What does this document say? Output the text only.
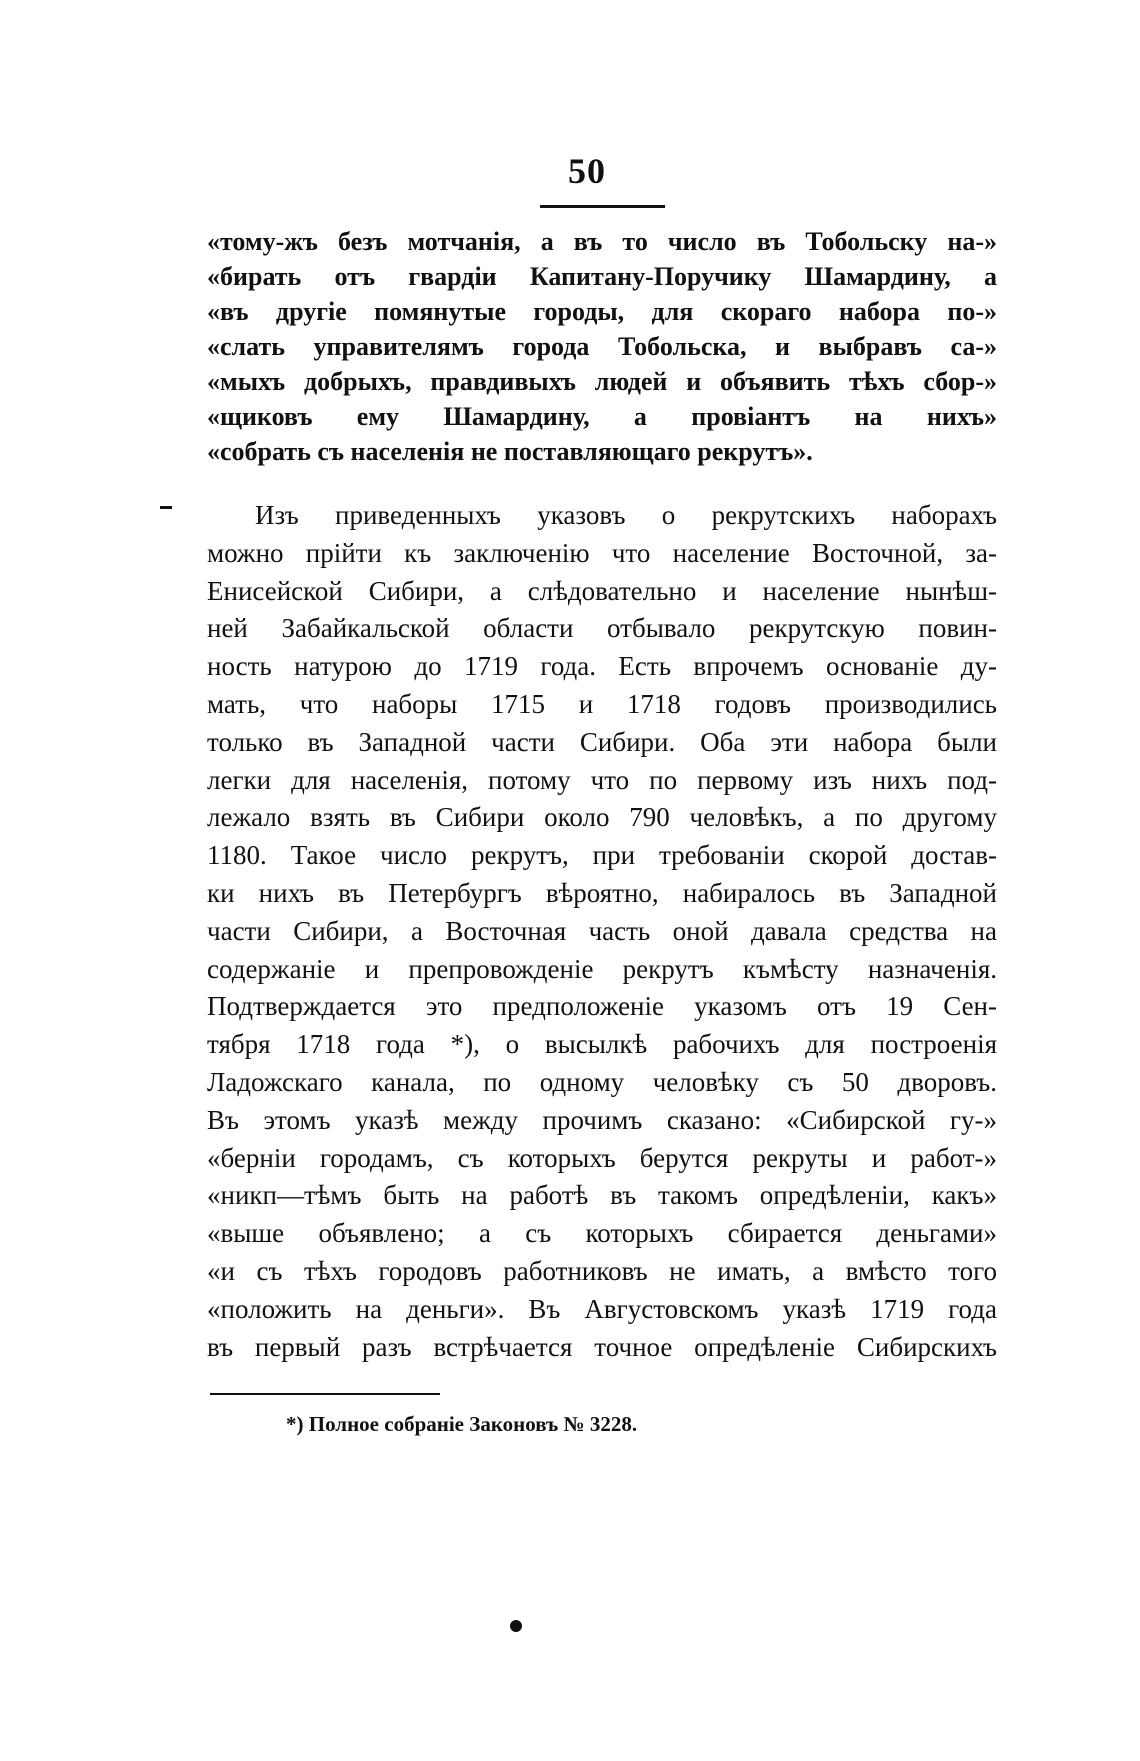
50
«тому-жъ безъ мотчанія, а въ то число въ Тобольску на-»
«бирать отъ гвардіи Капитану-Поручику Шамардину, а
«въ другіе помянутые городы, для скораго набора по-»
«слать управителямъ города Тобольска, и выбравъ са-»
«мыхъ добрыхъ, правдивыхъ людей и объявить тѣхъ сбор-»
«щиковъ ему Шамардину, а провіантъ на нихъ»
«собрать съ населенія не поставляющаго рекрутъ».
Изъ приведенныхъ указовъ о рекрутскихъ наборахъ
можно прійти къ заключенію что население Восточной, за-
Енисейской Сибири, а слѣдовательно и население нынѣш-
ней Забайкальской области отбывало рекрутскую повин-
ность натурою до 1719 года. Есть впрочемъ основаніе ду-
мать, что наборы 1715 и 1718 годовъ производились
только въ Западной части Сибири. Оба эти набора были
легки для населенія, потому что по первому изъ нихъ под-
лежало взять въ Сибири около 790 человѣкъ, а по другому
1180. Такое число рекрутъ, при требованіи скорой достав-
ки нихъ въ Петербургъ вѣроятно, набиралось въ Западной
части Сибири, а Восточная часть оной давала средства на
содержаніе и препровожденіе рекрутъ къмѣсту назначенія.
Подтверждается это предположеніе указомъ отъ 19 Сен-
тября 1718 года *), о высылкѣ рабочихъ для построенія
Ладожскаго канала, по одному человѣку съ 50 дворовъ.
Въ этомъ указѣ между прочимъ сказано: «Сибирской гу-»
«берніи городамъ, съ которыхъ берутся рекруты и работ-»
«никп—тѣмъ быть на работѣ въ такомъ опредѣленіи, какъ»
«выше объявлено; а съ которыхъ сбирается деньгами»
«и съ тѣхъ городовъ работниковъ не имать, а вмѣсто того
«положить на деньги». Въ Августовскомъ указѣ 1719 года
въ первый разъ встрѣчается точное опредѣленіе Сибирскихъ
*) Полное собраніе Законовъ № 3228.
